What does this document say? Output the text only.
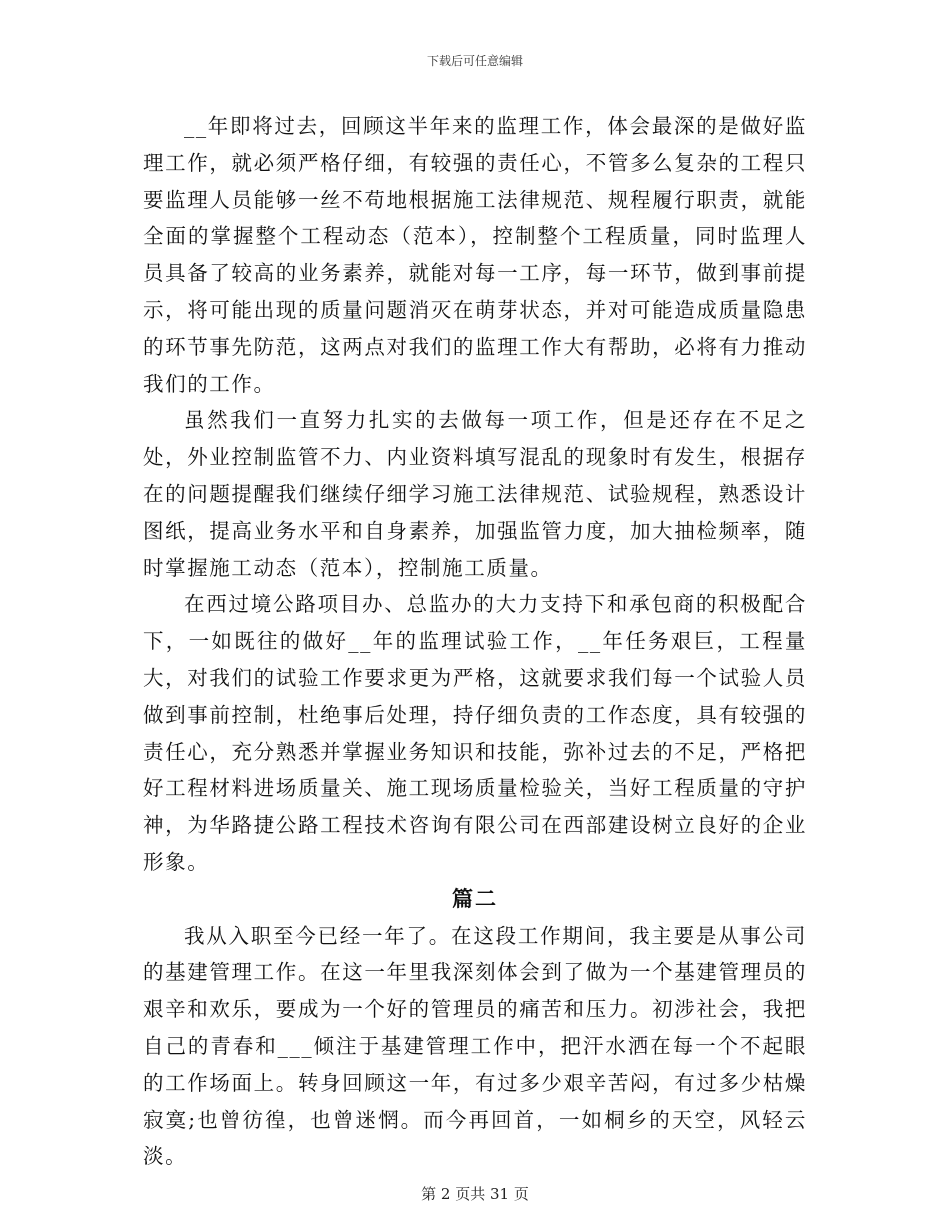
下载后可任意编辑

__年即将过去，回顾这半年来的监理工作，体会最深的是做好监理工作，就必须严格仔细，有较强的责任心，不管多么复杂的工程只要监理人员能够一丝不苟地根据施工法律规范、规程履行职责，就能全面的掌握整个工程动态（范本），控制整个工程质量，同时监理人员具备了较高的业务素养，就能对每一工序，每一环节，做到事前提示，将可能出现的质量问题消灭在萌芽状态，并对可能造成质量隐患的环节事先防范，这两点对我们的监理工作大有帮助，必将有力推动我们的工作。

虽然我们一直努力扎实的去做每一项工作，但是还存在不足之处，外业控制监管不力、内业资料填写混乱的现象时有发生，根据存在的问题提醒我们继续仔细学习施工法律规范、试验规程，熟悉设计图纸，提高业务水平和自身素养，加强监管力度，加大抽检频率，随时掌握施工动态（范本），控制施工质量。

在西过境公路项目办、总监办的大力支持下和承包商的积极配合下，一如既往的做好__年的监理试验工作，__年任务艰巨，工程量大，对我们的试验工作要求更为严格，这就要求我们每一个试验人员做到事前控制，杜绝事后处理，持仔细负责的工作态度，具有较强的责任心，充分熟悉并掌握业务知识和技能，弥补过去的不足，严格把好工程材料进场质量关、施工现场质量检验关，当好工程质量的守护神，为华路捷公路工程技术咨询有限公司在西部建设树立良好的企业形象。

篇二

我从入职至今已经一年了。在这段工作期间，我主要是从事公司的基建管理工作。在这一年里我深刻体会到了做为一个基建管理员的艰辛和欢乐，要成为一个好的管理员的痛苦和压力。初涉社会，我把自己的青春和___倾注于基建管理工作中，把汗水洒在每一个不起眼的工作场面上。转身回顾这一年，有过多少艰辛苦闷，有过多少枯燥寂寞;也曾彷徨，也曾迷惘。而今再回首，一如桐乡的天空，风轻云淡。

第 2 页共 31 页
